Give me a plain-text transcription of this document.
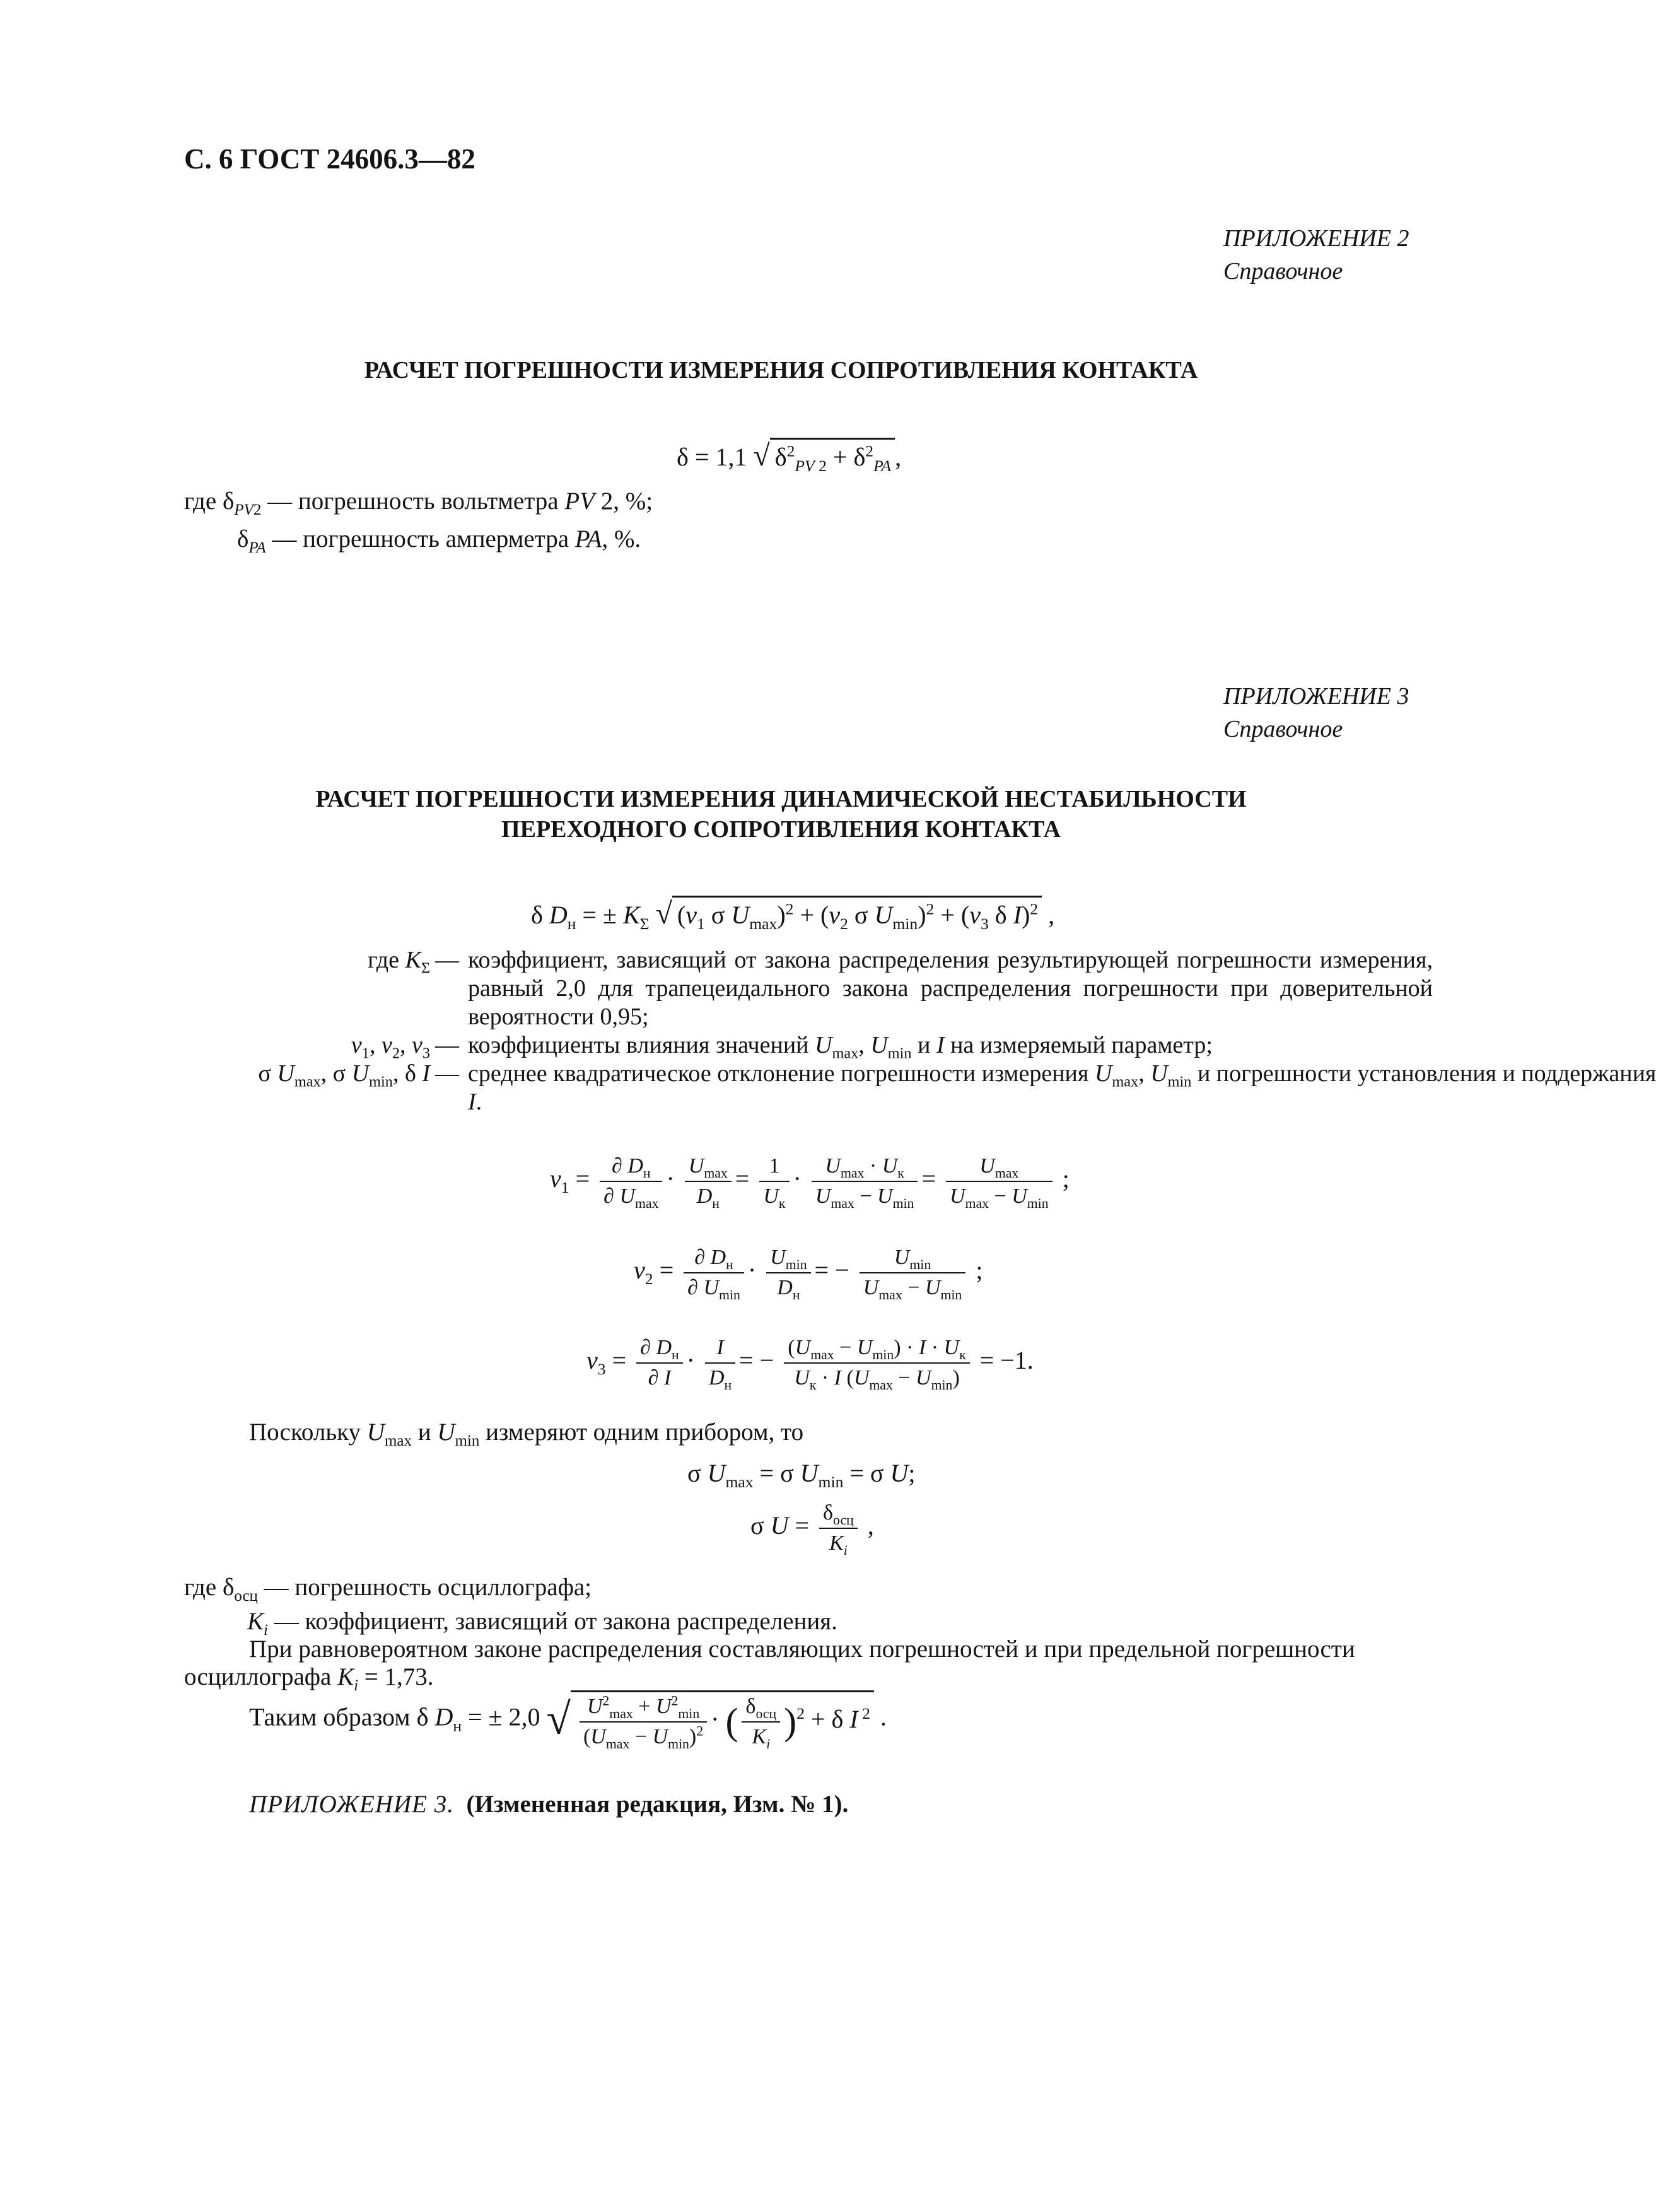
С. 6 ГОСТ 24606.3—82
ПРИЛОЖЕНИЕ 2
Справочное
РАСЧЕТ ПОГРЕШНОСТИ ИЗМЕРЕНИЯ СОПРОТИВЛЕНИЯ КОНТАКТА
δ = 1,1 √ $\delta^2_{PV 2} + \delta^2_{PA}$ ,
где $\delta_{PV2}$ — погрешность вольтметра PV 2, %;
$\delta_{PA}$ — погрешность амперметра PA, %.
ПРИЛОЖЕНИЕ 3
Справочное
РАСЧЕТ ПОГРЕШНОСТИ ИЗМЕРЕНИЯ ДИНАМИЧЕСКОЙ НЕСТАБИЛЬНОСТИ
ПЕРЕХОДНОГО СОПРОТИВЛЕНИЯ КОНТАКТА
δ $D_н$ = ± $K_\Sigma$ √ ($v_1$ σ $U_{max})^2 + (v_2$ σ $U_{min})^2 + (v_3$ δ I)$^2$ ,
где $K_\Sigma$ — коэффициент, зависящий от закона распределения результирующей погрешности измерения, равный 2,0 для трапецеидального закона распределения погрешности при доверительной вероятности 0,95;
$v_1$, $v_2$, $v_3$ — коэффициенты влияния значений $U_{max}$, $U_{min}$ и I на измеряемый параметр;
σ $U_{max}$, σ $U_{min}$, δ I — среднее квадратическое отклонение погрешности измерения $U_{max}$, $U_{min}$ и погрешности установления и поддержания
I.
$v_1 = \frac{\partial D_н}{\partial U_{max}} \cdot \frac{U_{max}}{D_н} = \frac{1}{U_к} \cdot \frac{U_{max} \cdot U_к}{U_{max} - U_{min}} = \frac{U_{max}}{U_{max} - U_{min}}$ ;
$v_2 = \frac{\partial D_н}{\partial U_{min}} \cdot \frac{U_{min}}{D_н}$ = − $\frac{U_{min}}{U_{max} - U_{min}}$ ;
$v_3 = \frac{\partial D_н}{\partial I} \cdot \frac{I}{D_н}$ = − $\frac{(U_{max} - U_{min}) \cdot I \cdot U_к}{U_к \cdot I (U_{max} - U_{min})} = -1$.
Поскольку $U_{max}$ и $U_{min}$ измеряют одним прибором, то
σ $U_{max} = \sigma$ $U_{min} = \sigma$ U;
σ $U = \frac{\delta_{осц}}{K_i}$ ,
где $\delta_{осц}$ — погрешность осциллографа;
$K_i$ — коэффициент, зависящий от закона распределения.
При равновероятном законе распределения составляющих погрешностей и при предельной погрешности
осциллографа $K_i = 1,73$.
Таким образом δ $D_н$ = ± 2,0 √ $\frac{U^2_{max} + U^2_{min}}{(U_{max} - U_{min})^2}$ · ( $\frac{\delta_{осц}}{K_i} )^2 + \delta$ I $^2$ .
ПРИЛОЖЕНИЕ 3. (Измененная редакция, Изм. № 1).
